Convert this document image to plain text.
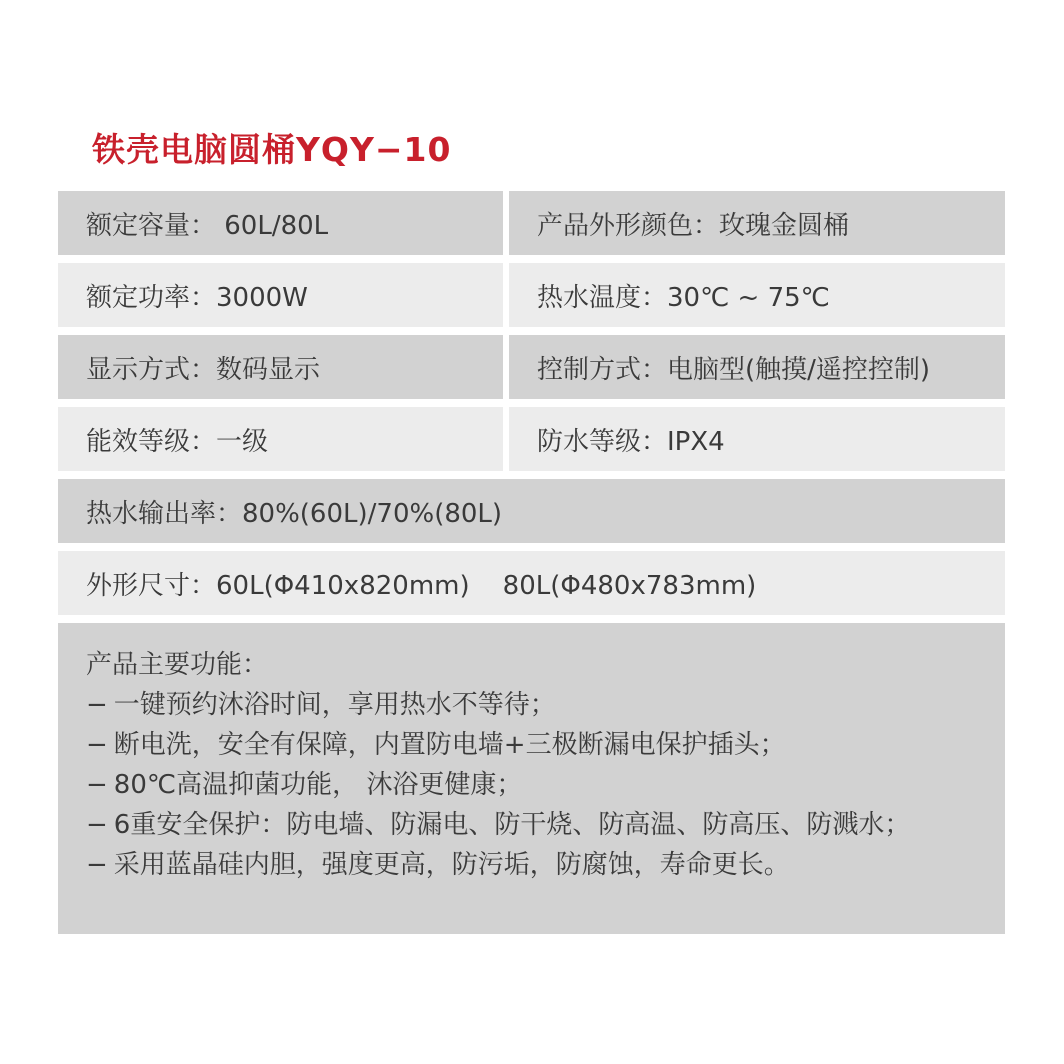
铁壳电脑圆桶YQY−10
额定容量： 60L/80L	产品外形颜色：玫瑰金圆桶
额定功率：3000W	热水温度：30℃ ~ 75℃
显示方式：数码显示	控制方式：电脑型(触摸/遥控控制)
能效等级：一级	防水等级：IPX4
热水输出率：80%(60L)/70%(80L)
外形尺寸：60L(Φ410x820mm)    80L(Φ480x783mm)
产品主要功能：
− 一键预约沐浴时间，享用热水不等待；
− 断电洗，安全有保障，内置防电墙+三极断漏电保护插头；
− 80℃高温抑菌功能， 沐浴更健康；
− 6重安全保护：防电墙、防漏电、防干烧、防高温、防高压、防溅水；
− 采用蓝晶硅内胆，强度更高，防污垢，防腐蚀，寿命更长。
